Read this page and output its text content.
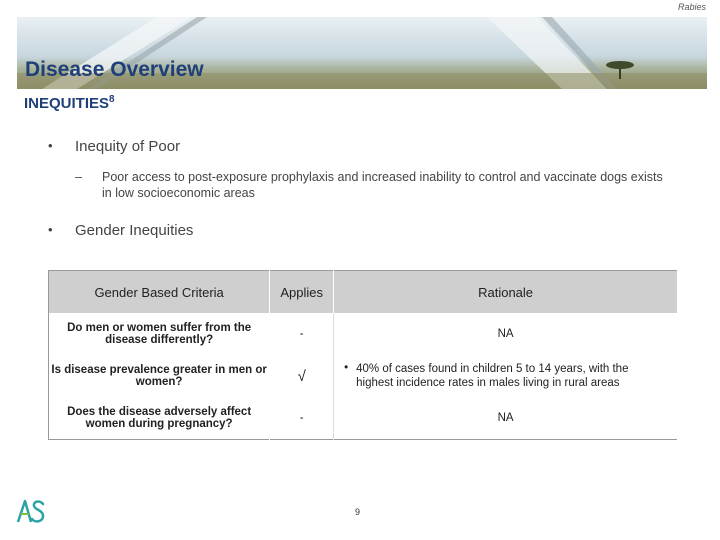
Rabies
Disease Overview
INEQUITIES$^8$
• Inequity of Poor
– Poor access to post-exposure prophylaxis and increased inability to control and vaccinate dogs exists in low socioeconomic areas
• Gender Inequities
Gender Based Criteria	Applies	Rationale
Do men or women suffer from the disease differently?	-	NA
Is disease prevalence greater in men or women?	√	• 40% of cases found in children 5 to 14 years, with the highest incidence rates in males living in rural areas
Does the disease adversely affect women during pregnancy?	-	NA
9
